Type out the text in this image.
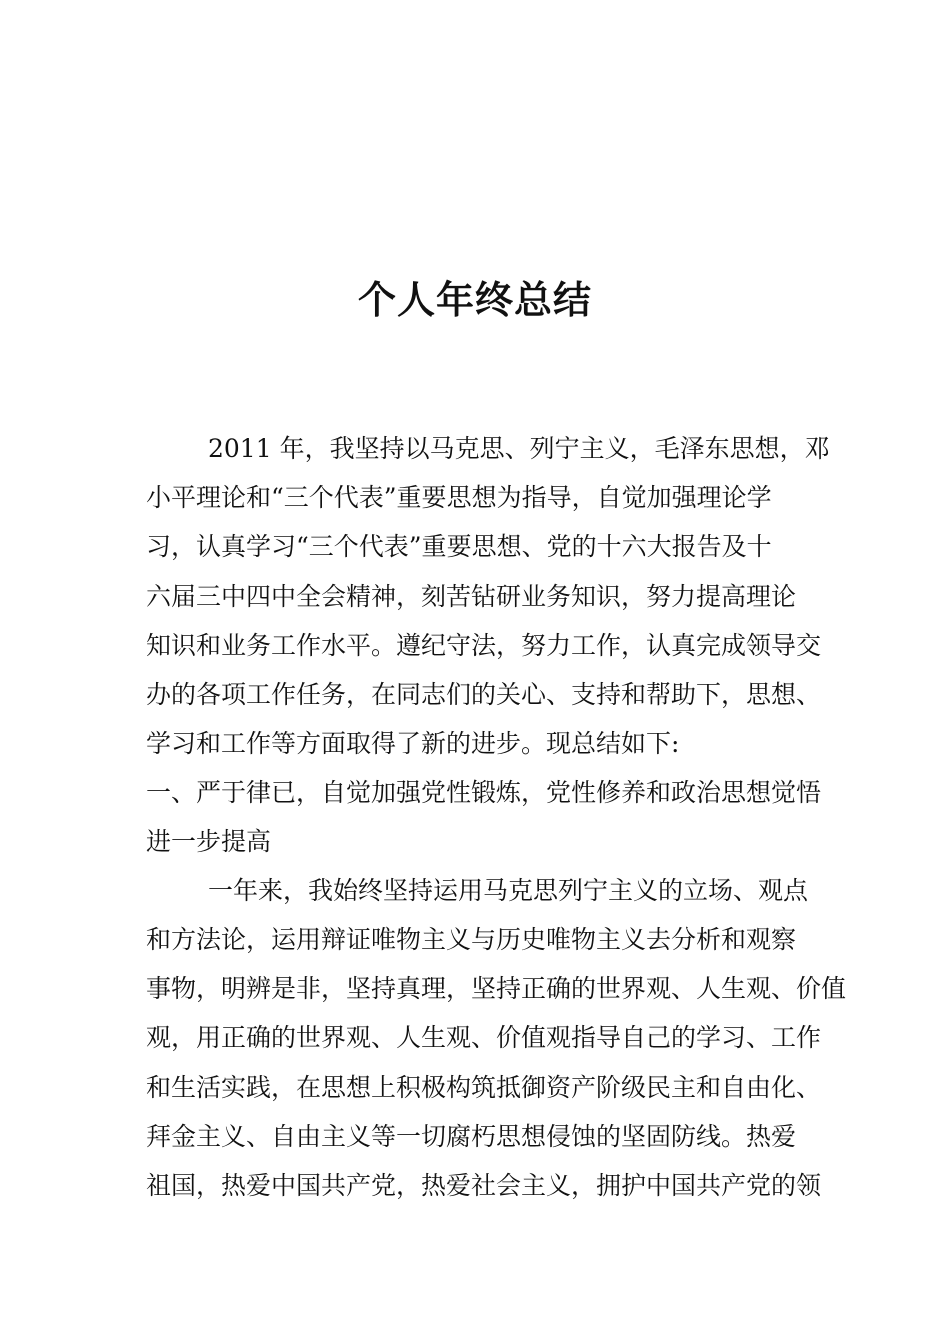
个人年终总结
2011 年，我坚持以马克思、列宁主义，毛泽东思想，邓
小平理论和“三个代表”重要思想为指导，自觉加强理论学
习，认真学习“三个代表”重要思想、党的十六大报告及十
六届三中四中全会精神，刻苦钻研业务知识，努力提高理论
知识和业务工作水平。遵纪守法，努力工作，认真完成领导交
办的各项工作任务，在同志们的关心、支持和帮助下，思想、
学习和工作等方面取得了新的进步。现总结如下:
一、严于律已，自觉加强党性锻炼，党性修养和政治思想觉悟
进一步提高
一年来，我始终坚持运用马克思列宁主义的立场、观点
和方法论，运用辩证唯物主义与历史唯物主义去分析和观察
事物，明辨是非，坚持真理，坚持正确的世界观、人生观、价值
观，用正确的世界观、人生观、价值观指导自己的学习、工作
和生活实践，在思想上积极构筑抵御资产阶级民主和自由化、
拜金主义、自由主义等一切腐朽思想侵蚀的坚固防线。热爱
祖国，热爱中国共产党，热爱社会主义，拥护中国共产党的领
